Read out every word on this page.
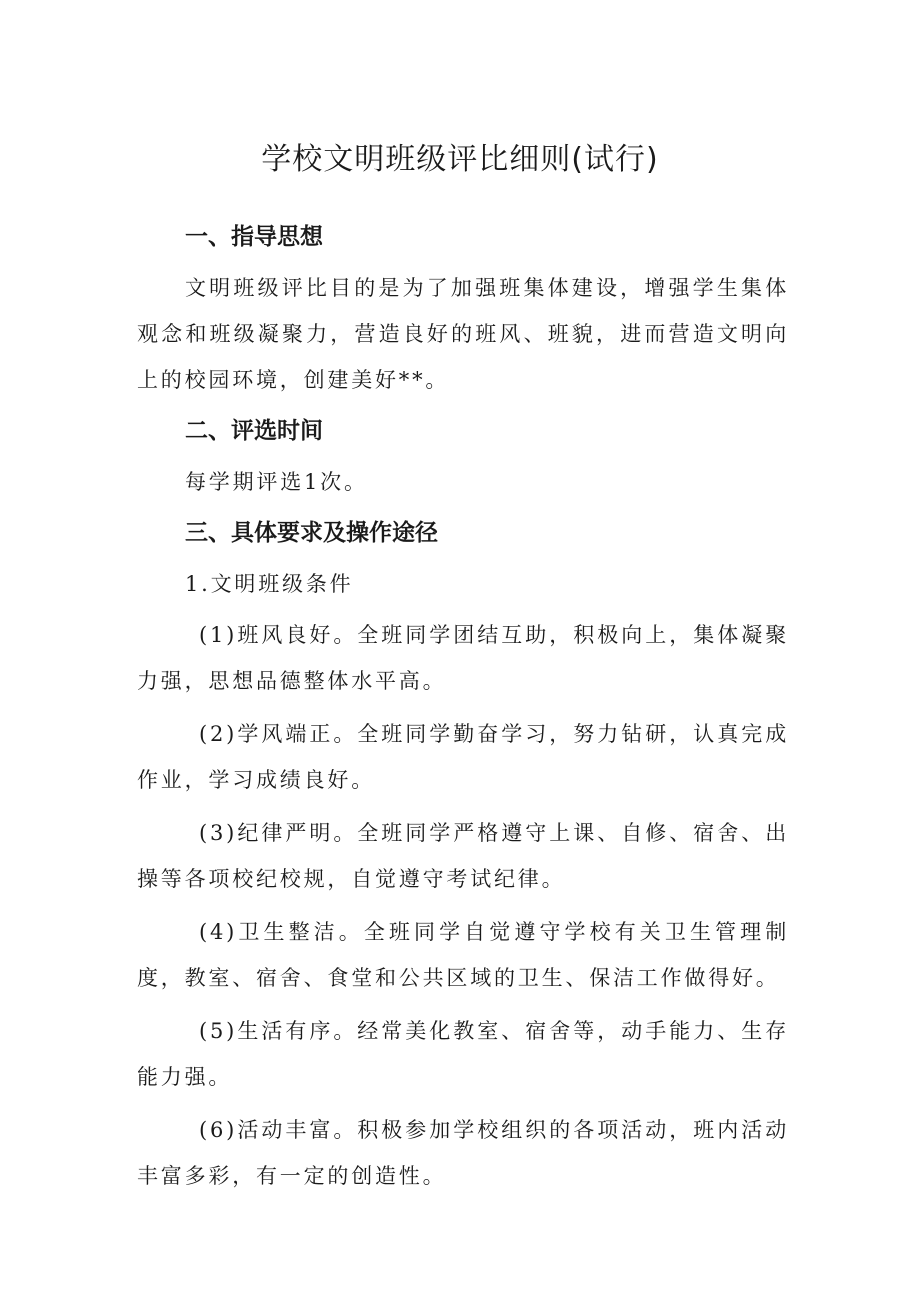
学校文明班级评比细则(试行)
一、指导思想

文明班级评比目的是为了加强班集体建设，增强学生集体观念和班级凝聚力，营造良好的班风、班貌，进而营造文明向上的校园环境，创建美好**。

二、评选时间

每学期评选1次。

三、具体要求及操作途径

1.文明班级条件

(1)班风良好。全班同学团结互助，积极向上，集体凝聚力强，思想品德整体水平高。

(2)学风端正。全班同学勤奋学习，努力钻研，认真完成作业，学习成绩良好。

(3)纪律严明。全班同学严格遵守上课、自修、宿舍、出操等各项校纪校规，自觉遵守考试纪律。

(4)卫生整洁。全班同学自觉遵守学校有关卫生管理制度，教室、宿舍、食堂和公共区域的卫生、保洁工作做得好。

(5)生活有序。经常美化教室、宿舍等，动手能力、生存能力强。

(6)活动丰富。积极参加学校组织的各项活动，班内活动丰富多彩，有一定的创造性。
